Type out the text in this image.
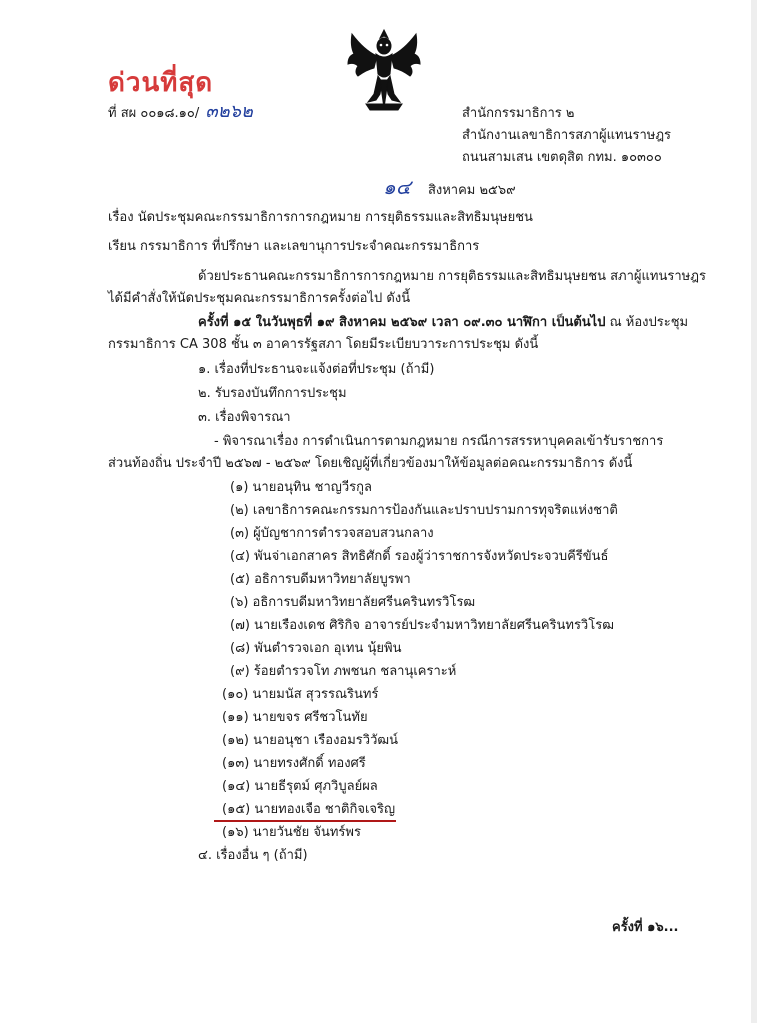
ด่วนที่สุด
ที่ สผ ๐๐๑๘.๑๐/ ๓๒๖๒	สำนักกรรมาธิการ ๒
สำนักงานเลขาธิการสภาผู้แทนราษฎร
ถนนสามเสน เขตดุสิต กทม. ๑๐๓๐๐
๑๔ สิงหาคม ๒๕๖๙
เรื่อง นัดประชุมคณะกรรมาธิการการกฎหมาย การยุติธรรมและสิทธิมนุษยชน
เรียน กรรมาธิการ ที่ปรึกษา และเลขานุการประจำคณะกรรมาธิการ
ด้วยประธานคณะกรรมาธิการการกฎหมาย การยุติธรรมและสิทธิมนุษยชน สภาผู้แทนราษฎร
ได้มีคำสั่งให้นัดประชุมคณะกรรมาธิการครั้งต่อไป ดังนี้
ครั้งที่ ๑๕ ในวันพุธที่ ๑๙ สิงหาคม ๒๕๖๙ เวลา ๐๙.๓๐ นาฬิกา เป็นต้นไป ณ ห้องประชุม
กรรมาธิการ CA 308 ชั้น ๓ อาคารรัฐสภา โดยมีระเบียบวาระการประชุม ดังนี้
๑. เรื่องที่ประธานจะแจ้งต่อที่ประชุม (ถ้ามี)
๒. รับรองบันทึกการประชุม
๓. เรื่องพิจารณา
- พิจารณาเรื่อง การดำเนินการตามกฎหมาย กรณีการสรรหาบุคคลเข้ารับราชการ
ส่วนท้องถิ่น ประจำปี ๒๕๖๗ - ๒๕๖๙ โดยเชิญผู้ที่เกี่ยวข้องมาให้ข้อมูลต่อคณะกรรมาธิการ ดังนี้
(๑) นายอนุทิน ชาญวีรกูล
(๒) เลขาธิการคณะกรรมการป้องกันและปราบปรามการทุจริตแห่งชาติ
(๓) ผู้บัญชาการตำรวจสอบสวนกลาง
(๔) พันจ่าเอกสาคร สิทธิศักดิ์ รองผู้ว่าราชการจังหวัดประจวบคีรีขันธ์
(๕) อธิการบดีมหาวิทยาลัยบูรพา
(๖) อธิการบดีมหาวิทยาลัยศรีนครินทรวิโรฒ
(๗) นายเรืองเดช ศิริกิจ อาจารย์ประจำมหาวิทยาลัยศรีนครินทรวิโรฒ
(๘) พันตำรวจเอก อุเทน นุ้ยพิน
(๙) ร้อยตำรวจโท ภพชนก ชลานุเคราะห์
(๑๐) นายมนัส สุวรรณรินทร์
(๑๑) นายขจร ศรีชวโนทัย
(๑๒) นายอนุชา เรืองอมรวิวัฒน์
(๑๓) นายทรงศักดิ์ ทองศรี
(๑๔) นายธีรุตม์ ศุภวิบูลย์ผล
(๑๕) นายทองเจือ ชาติกิจเจริญ
(๑๖) นายวันชัย จันทร์พร
๔. เรื่องอื่น ๆ (ถ้ามี)
ครั้งที่ ๑๖...
